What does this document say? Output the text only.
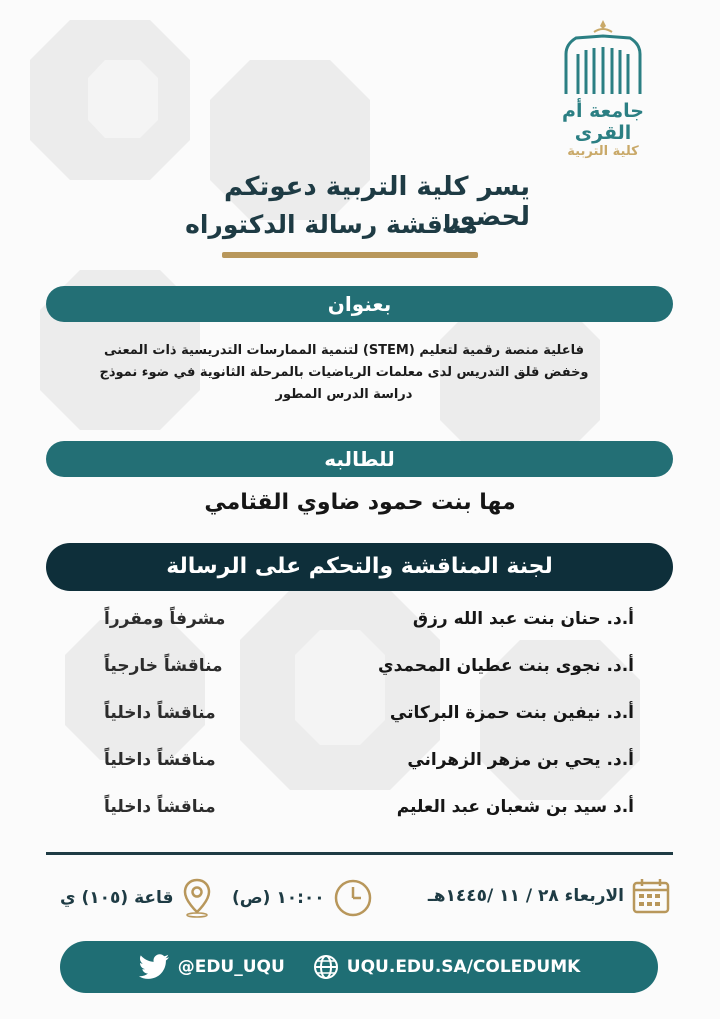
جامعة أم القرى
كلية التربية
يسر كلية التربية دعوتكم لحضور
مناقشة رسالة الدكتوراه
بعنوان
فاعلية منصة رقمية لتعليم (STEM) لتنمية الممارسات التدريسية ذات المعنى وخفض قلق التدريس لدى معلمات الرياضيات بالمرحلة الثانوية في ضوء نموذج دراسة الدرس المطور
للطالبه
مها بنت حمود ضاوي القثامي
لجنة المناقشة والتحكم على الرسالة
أ.د. حنان بنت عبد الله رزق
مشرفاً ومقرراً
أ.د. نجوى بنت عطيان المحمدي
مناقشاً خارجياً
أ.د. نيفين بنت حمزة البركاتي
مناقشاً داخلياً
أ.د. يحي بن مزهر الزهراني
مناقشاً داخلياً
أ.د سيد بن شعبان عبد العليم
مناقشاً داخلياً
الاربعاء ٢٨ / ١١ /١٤٤٥هـ
١٠:٠٠ (ص)
قاعة (١٠٥) ي
@EDU_UQU	UQU.EDU.SA/COLEDUMK
